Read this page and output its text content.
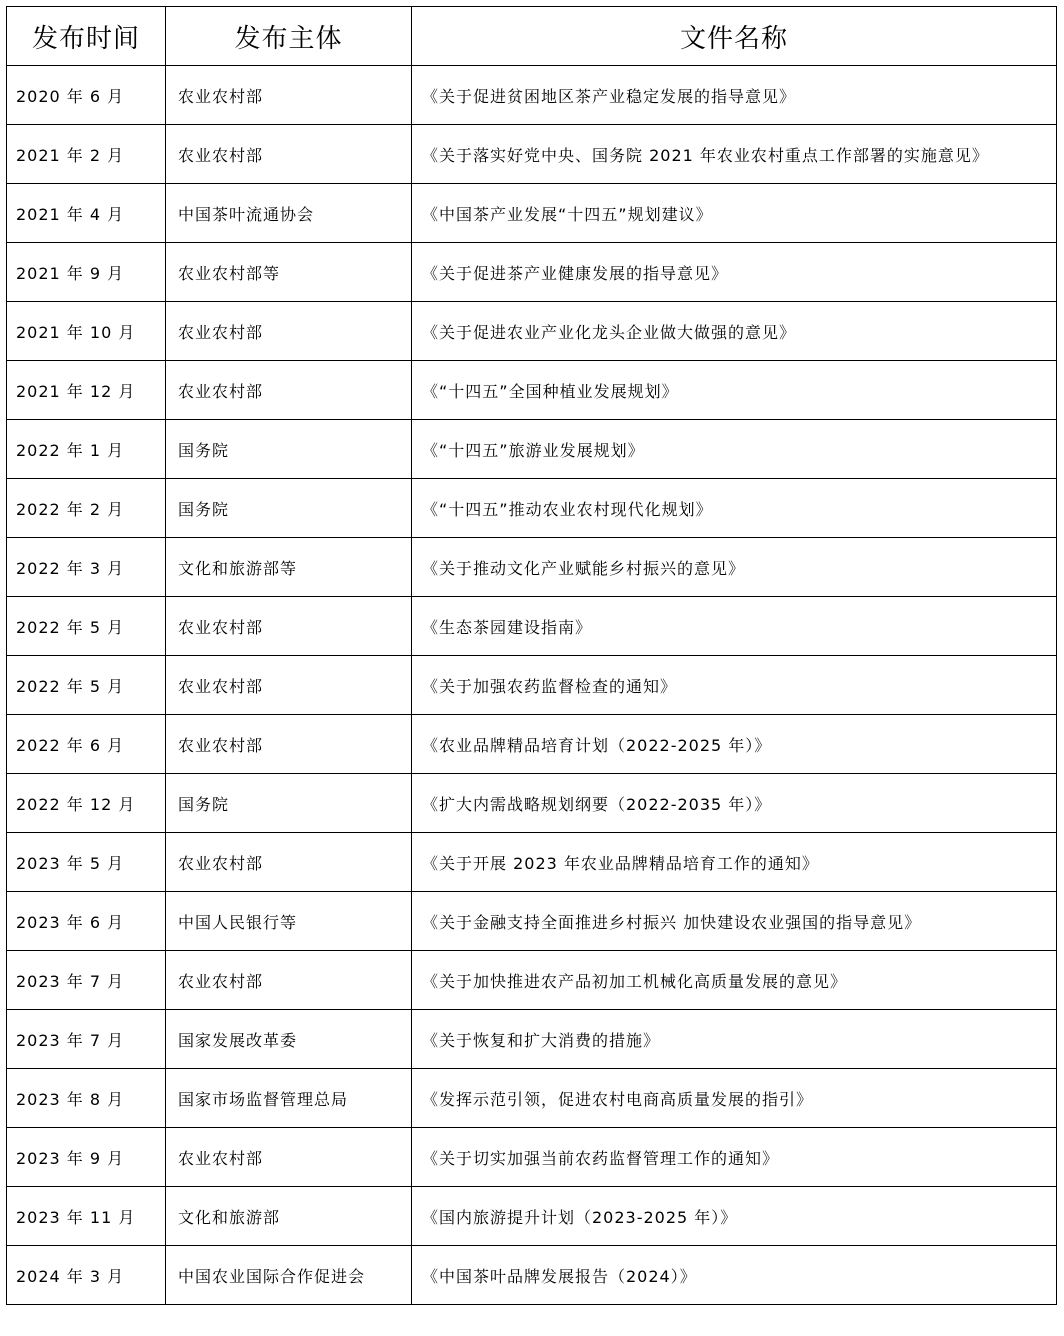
发布时间	发布主体	文件名称
2020 年 6 月	农业农村部	《关于促进贫困地区茶产业稳定发展的指导意见》
2021 年 2 月	农业农村部	《关于落实好党中央、国务院 2021 年农业农村重点工作部署的实施意见》
2021 年 4 月	中国茶叶流通协会	《中国茶产业发展“十四五”规划建议》
2021 年 9 月	农业农村部等	《关于促进茶产业健康发展的指导意见》
2021 年 10 月	农业农村部	《关于促进农业产业化龙头企业做大做强的意见》
2021 年 12 月	农业农村部	《“十四五”全国种植业发展规划》
2022 年 1 月	国务院	《“十四五”旅游业发展规划》
2022 年 2 月	国务院	《“十四五”推动农业农村现代化规划》
2022 年 3 月	文化和旅游部等	《关于推动文化产业赋能乡村振兴的意见》
2022 年 5 月	农业农村部	《生态茶园建设指南》
2022 年 5 月	农业农村部	《关于加强农药监督检查的通知》
2022 年 6 月	农业农村部	《农业品牌精品培育计划（2022-2025 年）》
2022 年 12 月	国务院	《扩大内需战略规划纲要（2022-2035 年）》
2023 年 5 月	农业农村部	《关于开展 2023 年农业品牌精品培育工作的通知》
2023 年 6 月	中国人民银行等	《关于金融支持全面推进乡村振兴 加快建设农业强国的指导意见》
2023 年 7 月	农业农村部	《关于加快推进农产品初加工机械化高质量发展的意见》
2023 年 7 月	国家发展改革委	《关于恢复和扩大消费的措施》
2023 年 8 月	国家市场监督管理总局	《发挥示范引领，促进农村电商高质量发展的指引》
2023 年 9 月	农业农村部	《关于切实加强当前农药监督管理工作的通知》
2023 年 11 月	文化和旅游部	《国内旅游提升计划（2023-2025 年）》
2024 年 3 月	中国农业国际合作促进会	《中国茶叶品牌发展报告（2024）》
